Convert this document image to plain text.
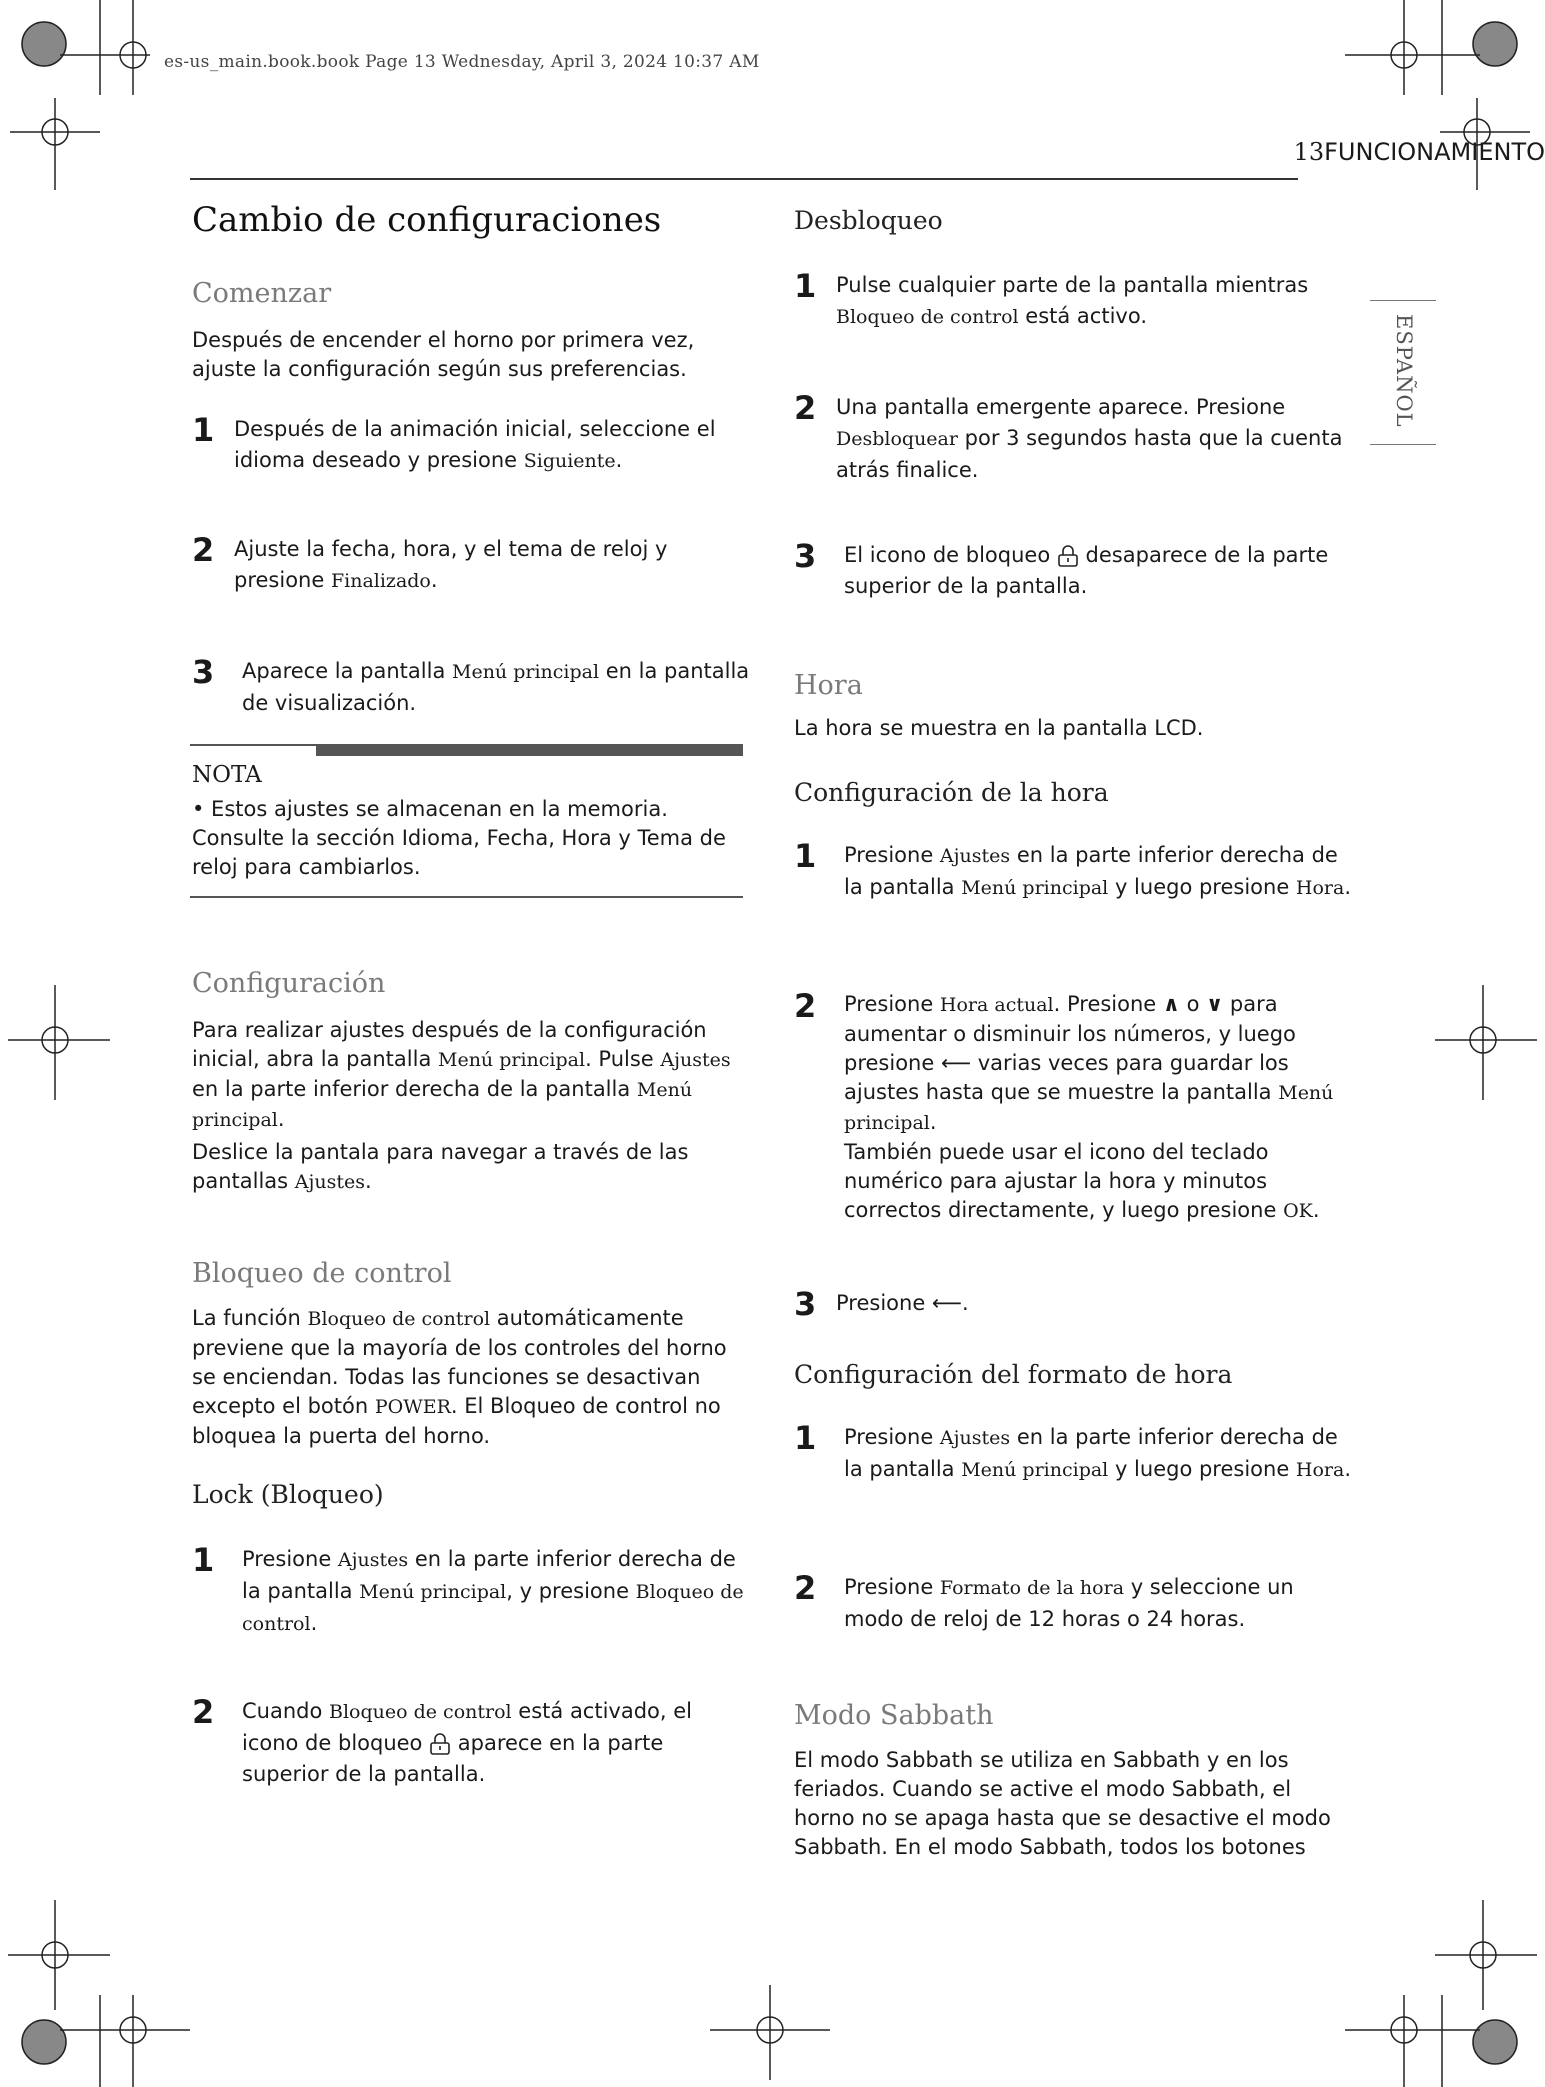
es-us_main.book.book Page 13 Wednesday, April 3, 2024 10:37 AM
13FUNCIONAMIENTO
ESPAÑOL
Cambio de configuraciones
Comenzar
Después de encender el horno por primera vez, ajuste la configuración según sus preferencias.
1 Después de la animación inicial, seleccione el idioma deseado y presione Siguiente.
2 Ajuste la fecha, hora, y el tema de reloj y presione Finalizado.
3	Aparece la pantalla Menú principal en la pantalla de visualización.
NOTA
• Estos ajustes se almacenan en la memoria. Consulte la sección Idioma, Fecha, Hora y Tema de reloj para cambiarlos.
Configuración
Para realizar ajustes después de la configuración inicial, abra la pantalla Menú principal. Pulse Ajustes en la parte inferior derecha de la pantalla Menú principal.
Deslice la pantala para navegar a través de las pantallas Ajustes.
Bloqueo de control
La función Bloqueo de control automáticamente previene que la mayoría de los controles del horno se enciendan. Todas las funciones se desactivan excepto el botón POWER. El Bloqueo de control no bloquea la puerta del horno.
Lock (Bloqueo)
1	Presione Ajustes en la parte inferior derecha de la pantalla Menú principal, y presione Bloqueo de control.
2	Cuando Bloqueo de control está activado, el icono de bloqueo  aparece en la parte superior de la pantalla.
Desbloqueo
1 Pulse cualquier parte de la pantalla mientras Bloqueo de control está activo.
2 Una pantalla emergente aparece. Presione Desbloquear por 3 segundos hasta que la cuenta atrás finalice.
3	El icono de bloqueo  desaparece de la parte superior de la pantalla.
Hora
La hora se muestra en la pantalla LCD.
Configuración de la hora
1	Presione Ajustes en la parte inferior derecha de la pantalla Menú principal y luego presione Hora.
2	Presione Hora actual. Presione ∧ o ∨ para aumentar o disminuir los números, y luego presione ⟵ varias veces para guardar los ajustes hasta que se muestre la pantalla Menú principal.
También puede usar el icono del teclado numérico para ajustar la hora y minutos correctos directamente, y luego presione OK.
3 Presione ⟵.
Configuración del formato de hora
1	Presione Ajustes en la parte inferior derecha de la pantalla Menú principal y luego presione Hora.
2	Presione Formato de la hora y seleccione un modo de reloj de 12 horas o 24 horas.
Modo Sabbath
El modo Sabbath se utiliza en Sabbath y en los feriados. Cuando se active el modo Sabbath, el horno no se apaga hasta que se desactive el modo Sabbath. En el modo Sabbath, todos los botones
